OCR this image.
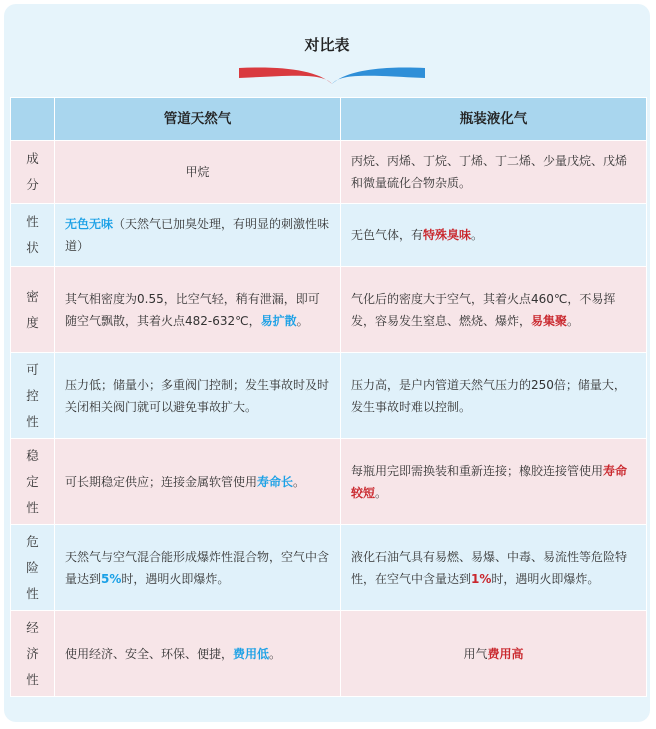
对比表
	管道天然气	瓶装液化气

成
分	甲烷	丙烷、丙烯、丁烷、丁烯、丁二烯、少量戊烷、戊烯和微量硫化合物杂质。

性
状	无色无味（天然气已加臭处理，有明显的刺激性味道）	无色气体，有特殊臭味。

密
度	其气相密度为0.55，比空气轻，稍有泄漏，即可随空气飘散，其着火点482-632℃，易扩散。	气化后的密度大于空气，其着火点460℃，不易挥发，容易发生窒息、燃烧、爆炸，易集聚。

可
控
性	压力低；储量小；多重阀门控制；发生事故时及时关闭相关阀门就可以避免事故扩大。	压力高，是户内管道天然气压力的250倍；储量大，发生事故时难以控制。

稳
定
性	可长期稳定供应；连接金属软管使用寿命长。	每瓶用完即需换装和重新连接；橡胶连接管使用寿命较短。

危
险
性	天然气与空气混合能形成爆炸性混合物，空气中含量达到5%时，遇明火即爆炸。	液化石油气具有易燃、易爆、中毒、易流性等危险特性，在空气中含量达到1%时，遇明火即爆炸。

经
济
性	使用经济、安全、环保、便捷，费用低。	用气费用高
